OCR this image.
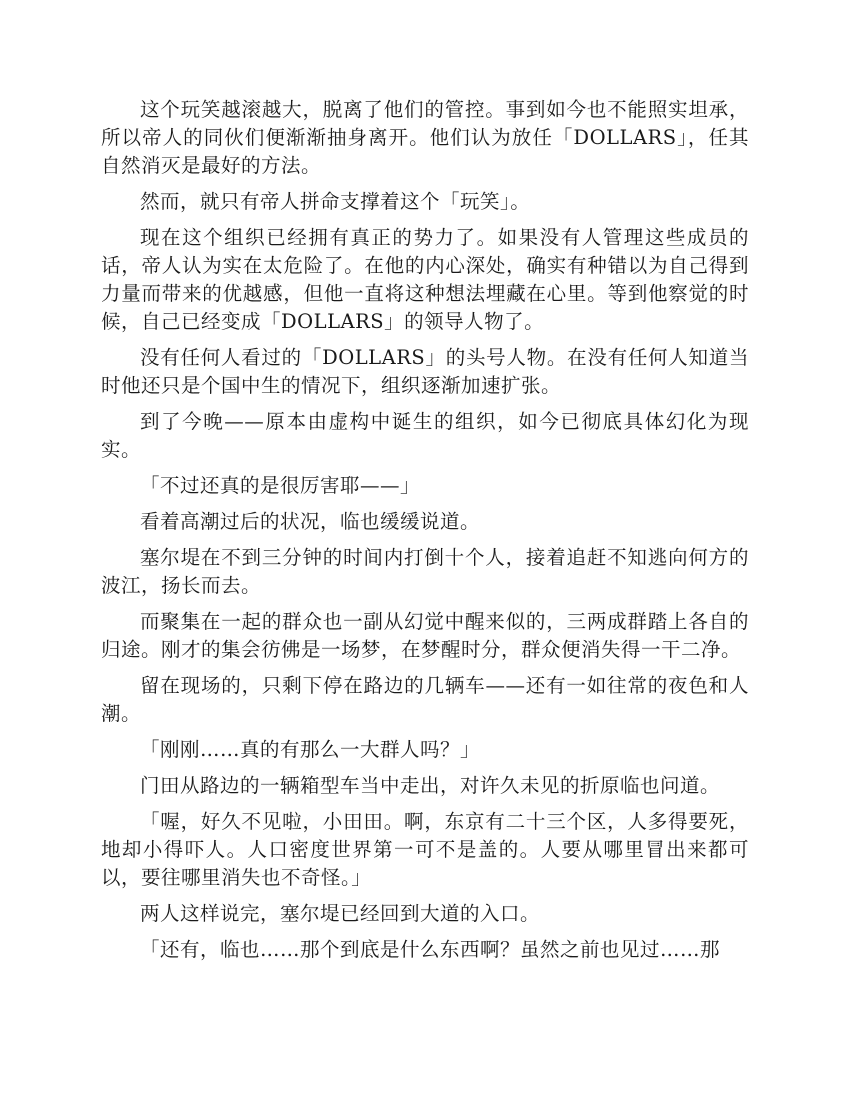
这个玩笑越滚越大，脱离了他们的管控。事到如今也不能照实坦承，所以帝人的同伙们便渐渐抽身离开。他们认为放任「DOLLARS」，任其自然消灭是最好的方法。

然而，就只有帝人拼命支撑着这个「玩笑」。

现在这个组织已经拥有真正的势力了。如果没有人管理这些成员的话，帝人认为实在太危险了。在他的内心深处，确实有种错以为自己得到力量而带来的优越感，但他一直将这种想法埋藏在心里。等到他察觉的时候，自己已经变成「DOLLARS」的领导人物了。

没有任何人看过的「DOLLARS」的头号人物。在没有任何人知道当时他还只是个国中生的情况下，组织逐渐加速扩张。

到了今晚——原本由虚构中诞生的组织，如今已彻底具体幻化为现实。

「不过还真的是很厉害耶——」

看着高潮过后的状况，临也缓缓说道。

塞尔堤在不到三分钟的时间内打倒十个人，接着追赶不知逃向何方的波江，扬长而去。

而聚集在一起的群众也一副从幻觉中醒来似的，三两成群踏上各自的归途。刚才的集会彷佛是一场梦，在梦醒时分，群众便消失得一干二净。

留在现场的，只剩下停在路边的几辆车——还有一如往常的夜色和人潮。

「刚刚……真的有那么一大群人吗？」

门田从路边的一辆箱型车当中走出，对许久未见的折原临也问道。

「喔，好久不见啦，小田田。啊，东京有二十三个区，人多得要死，地却小得吓人。人口密度世界第一可不是盖的。人要从哪里冒出来都可以，要往哪里消失也不奇怪。」

两人这样说完，塞尔堤已经回到大道的入口。

「还有，临也……那个到底是什么东西啊？虽然之前也见过……那
